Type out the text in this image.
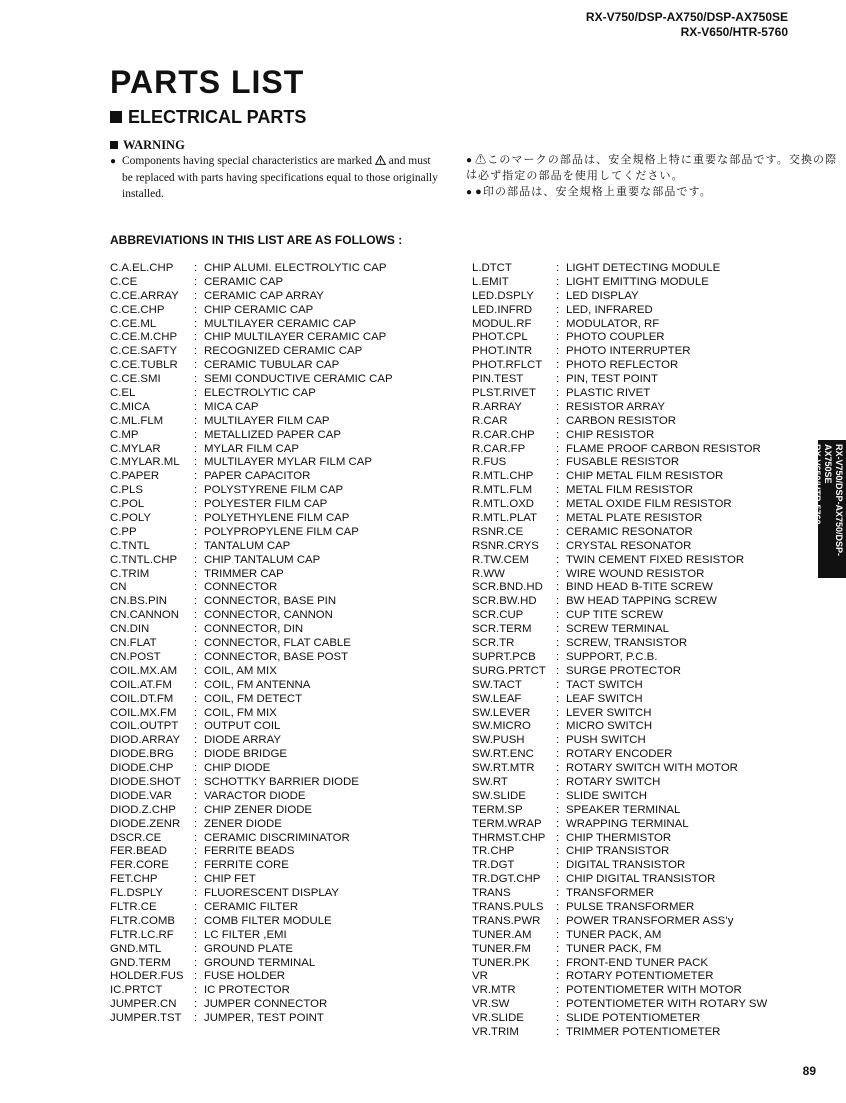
RX-V750/DSP-AX750/DSP-AX750SE
RX-V650/HTR-5760
PARTS LIST
ELECTRICAL PARTS
WARNING
● Components having special characteristics are marked and must be replaced with parts having specifications equal to those originally installed.
● ⚠このマークの部品は、安全規格上特に重要な部品です。交換の際は 必ず指定の部品を使用してください。
● ●印の部品は、安全規格上重要な部品です。
ABBREVIATIONS IN THIS LIST ARE AS FOLLOWS :
C.A.EL.CHP : CHIP ALUMI. ELECTROLYTIC CAP
C.CE	: CERAMIC CAP
C.CE.ARRAY : CERAMIC CAP ARRAY
C.CE.CHP	: CHIP CERAMIC CAP
C.CE.ML	: MULTILAYER CERAMIC CAP
C.CE.M.CHP : CHIP MULTILAYER CERAMIC CAP
C.CE.SAFTY : RECOGNIZED CERAMIC CAP
C.CE.TUBLR : CERAMIC TUBULAR CAP
C.CE.SMI	: SEMI CONDUCTIVE CERAMIC CAP
C.EL	: ELECTROLYTIC CAP
C.MICA	: MICA CAP
C.ML.FLM	: MULTILAYER FILM CAP
C.MP	: METALLIZED PAPER CAP
C.MYLAR	: MYLAR FILM CAP
C.MYLAR.ML : MULTILAYER MYLAR FILM CAP
C.PAPER	: PAPER CAPACITOR
C.PLS	: POLYSTYRENE FILM CAP
C.POL	: POLYESTER FILM CAP
C.POLY	: POLYETHYLENE FILM CAP
C.PP	: POLYPROPYLENE FILM CAP
C.TNTL	: TANTALUM CAP
C.TNTL.CHP : CHIP TANTALUM CAP
C.TRIM	: TRIMMER CAP
CN	: CONNECTOR
CN.BS.PIN : CONNECTOR, BASE PIN
CN.CANNON : CONNECTOR, CANNON
CN.DIN	: CONNECTOR, DIN
CN.FLAT	: CONNECTOR, FLAT CABLE
CN.POST	: CONNECTOR, BASE POST
COIL.MX.AM : COIL, AM MIX
COIL.AT.FM : COIL, FM ANTENNA
COIL.DT.FM : COIL, FM DETECT
COIL.MX.FM : COIL, FM MIX
COIL.OUTPT : OUTPUT COIL
DIOD.ARRAY : DIODE ARRAY
DIODE.BRG : DIODE BRIDGE
DIODE.CHP : CHIP DIODE
DIODE.SHOT : SCHOTTKY BARRIER DIODE
DIODE.VAR : VARACTOR DIODE
DIOD.Z.CHP : CHIP ZENER DIODE
DIODE.ZENR : ZENER DIODE
DSCR.CE	: CERAMIC DISCRIMINATOR
FER.BEAD : FERRITE BEADS
FER.CORE : FERRITE CORE
FET.CHP	: CHIP FET
FL.DSPLY	: FLUORESCENT DISPLAY
FLTR.CE	: CERAMIC FILTER
FLTR.COMB : COMB FILTER MODULE
FLTR.LC.RF : LC FILTER ,EMI
GND.MTL	: GROUND PLATE
GND.TERM : GROUND TERMINAL
HOLDER.FUS : FUSE HOLDER
IC.PRTCT	: IC PROTECTOR
JUMPER.CN : JUMPER CONNECTOR
JUMPER.TST : JUMPER, TEST POINT
L.DTCT	: LIGHT DETECTING MODULE
L.EMIT	: LIGHT EMITTING MODULE
LED.DSPLY : LED DISPLAY
LED.INFRD : LED, INFRARED
MODUL.RF : MODULATOR, RF
PHOT.CPL : PHOTO COUPLER
PHOT.INTR : PHOTO INTERRUPTER
PHOT.RFLCT : PHOTO REFLECTOR
PIN.TEST	: PIN, TEST POINT
PLST.RIVET : PLASTIC RIVET
R.ARRAY	: RESISTOR ARRAY
R.CAR	: CARBON RESISTOR
R.CAR.CHP : CHIP RESISTOR
R.CAR.FP	: FLAME PROOF CARBON RESISTOR
R.FUS	: FUSABLE RESISTOR
R.MTL.CHP : CHIP METAL FILM RESISTOR
R.MTL.FLM : METAL FILM RESISTOR
R.MTL.OXD : METAL OXIDE FILM RESISTOR
R.MTL.PLAT : METAL PLATE RESISTOR
RSNR.CE	: CERAMIC RESONATOR
RSNR.CRYS : CRYSTAL RESONATOR
R.TW.CEM : TWIN CEMENT FIXED RESISTOR
R.WW	: WIRE WOUND RESISTOR
SCR.BND.HD : BIND HEAD B-TITE SCREW
SCR.BW.HD : BW HEAD TAPPING SCREW
SCR.CUP	: CUP TITE SCREW
SCR.TERM : SCREW TERMINAL
SCR.TR	: SCREW, TRANSISTOR
SUPRT.PCB : SUPPORT, P.C.B.
SURG.PRTCT : SURGE PROTECTOR
SW.TACT	: TACT SWITCH
SW.LEAF	: LEAF SWITCH
SW.LEVER : LEVER SWITCH
SW.MICRO : MICRO SWITCH
SW.PUSH	: PUSH SWITCH
SW.RT.ENC : ROTARY ENCODER
SW.RT.MTR : ROTARY SWITCH WITH MOTOR
SW.RT	: ROTARY SWITCH
SW.SLIDE	: SLIDE SWITCH
TERM.SP	: SPEAKER TERMINAL
TERM.WRAP : WRAPPING TERMINAL
THRMST.CHP : CHIP THERMISTOR
TR.CHP	: CHIP TRANSISTOR
TR.DGT	: DIGITAL TRANSISTOR
TR.DGT.CHP : CHIP DIGITAL TRANSISTOR
TRANS	: TRANSFORMER
TRANS.PULS : PULSE TRANSFORMER
TRANS.PWR : POWER TRANSFORMER ASS’y
TUNER.AM : TUNER PACK, AM
TUNER.FM : TUNER PACK, FM
TUNER.PK : FRONT-END TUNER PACK
VR	: ROTARY POTENTIOMETER
VR.MTR	: POTENTIOMETER WITH MOTOR
VR.SW	: POTENTIOMETER WITH ROTARY SW
VR.SLIDE	: SLIDE POTENTIOMETER
VR.TRIM	: TRIMMER POTENTIOMETER
RX-V750/DSP-AX750/DSP-AX750SE
RX-V650/HTR-5760
89
